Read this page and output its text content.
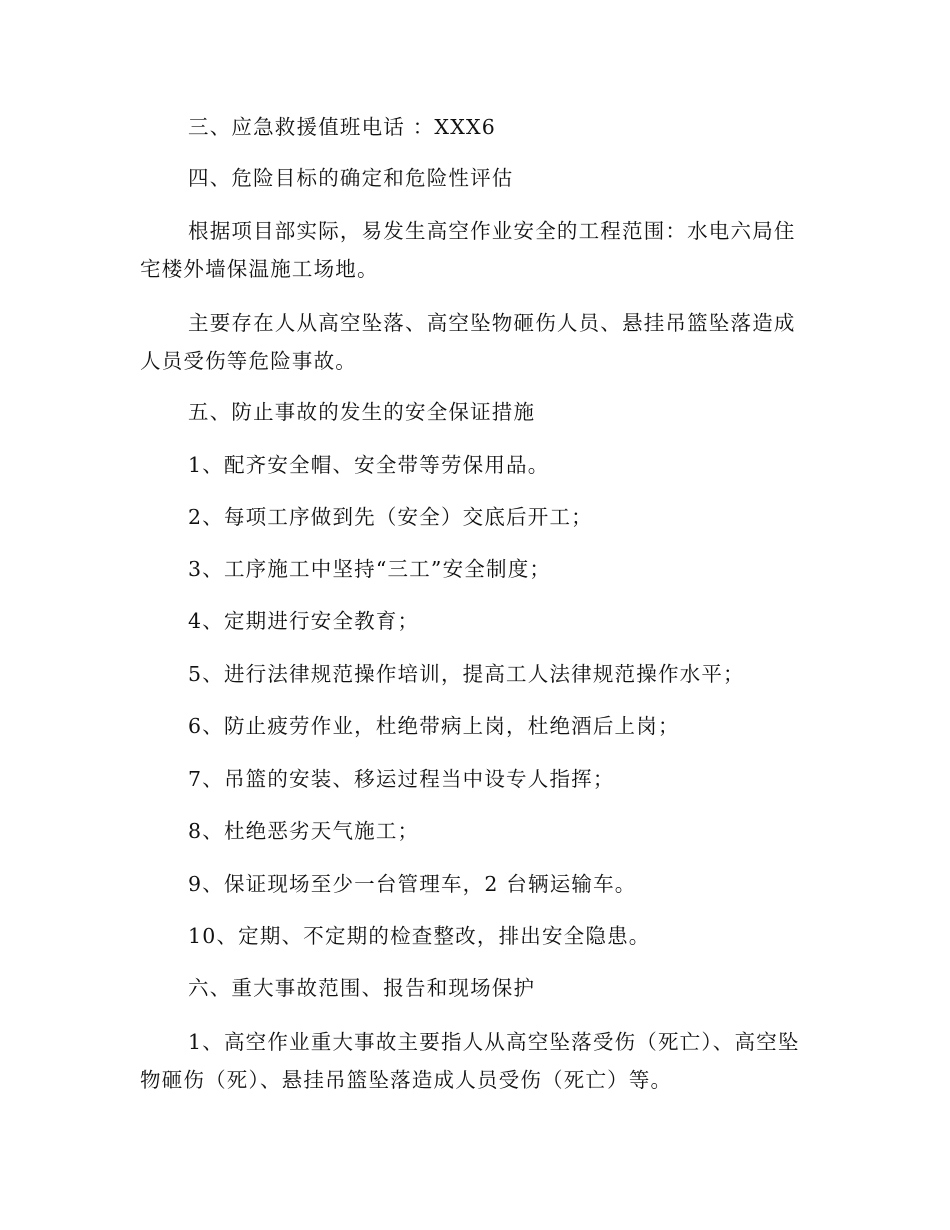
三、应急救援值班电话 ：XXX6
四、危险目标的确定和危险性评估
根据项目部实际，易发生高空作业安全的工程范围：水电六局住
宅楼外墙保温施工场地。
主要存在人从高空坠落、高空坠物砸伤人员、悬挂吊篮坠落造成
人员受伤等危险事故。
五、防止事故的发生的安全保证措施
1、配齐安全帽、安全带等劳保用品。
2、每项工序做到先（安全）交底后开工；
3、工序施工中坚持“三工”安全制度；
4、定期进行安全教育；
5、进行法律规范操作培训，提高工人法律规范操作水平；
6、防止疲劳作业，杜绝带病上岗，杜绝酒后上岗；
7、吊篮的安装、移运过程当中设专人指挥；
8、杜绝恶劣天气施工；
9、保证现场至少一台管理车，2 台辆运输车。
10、定期、不定期的检查整改，排出安全隐患。
六、重大事故范围、报告和现场保护
1、高空作业重大事故主要指人从高空坠落受伤（死亡）、高空坠
物砸伤（死）、悬挂吊篮坠落造成人员受伤（死亡）等。
